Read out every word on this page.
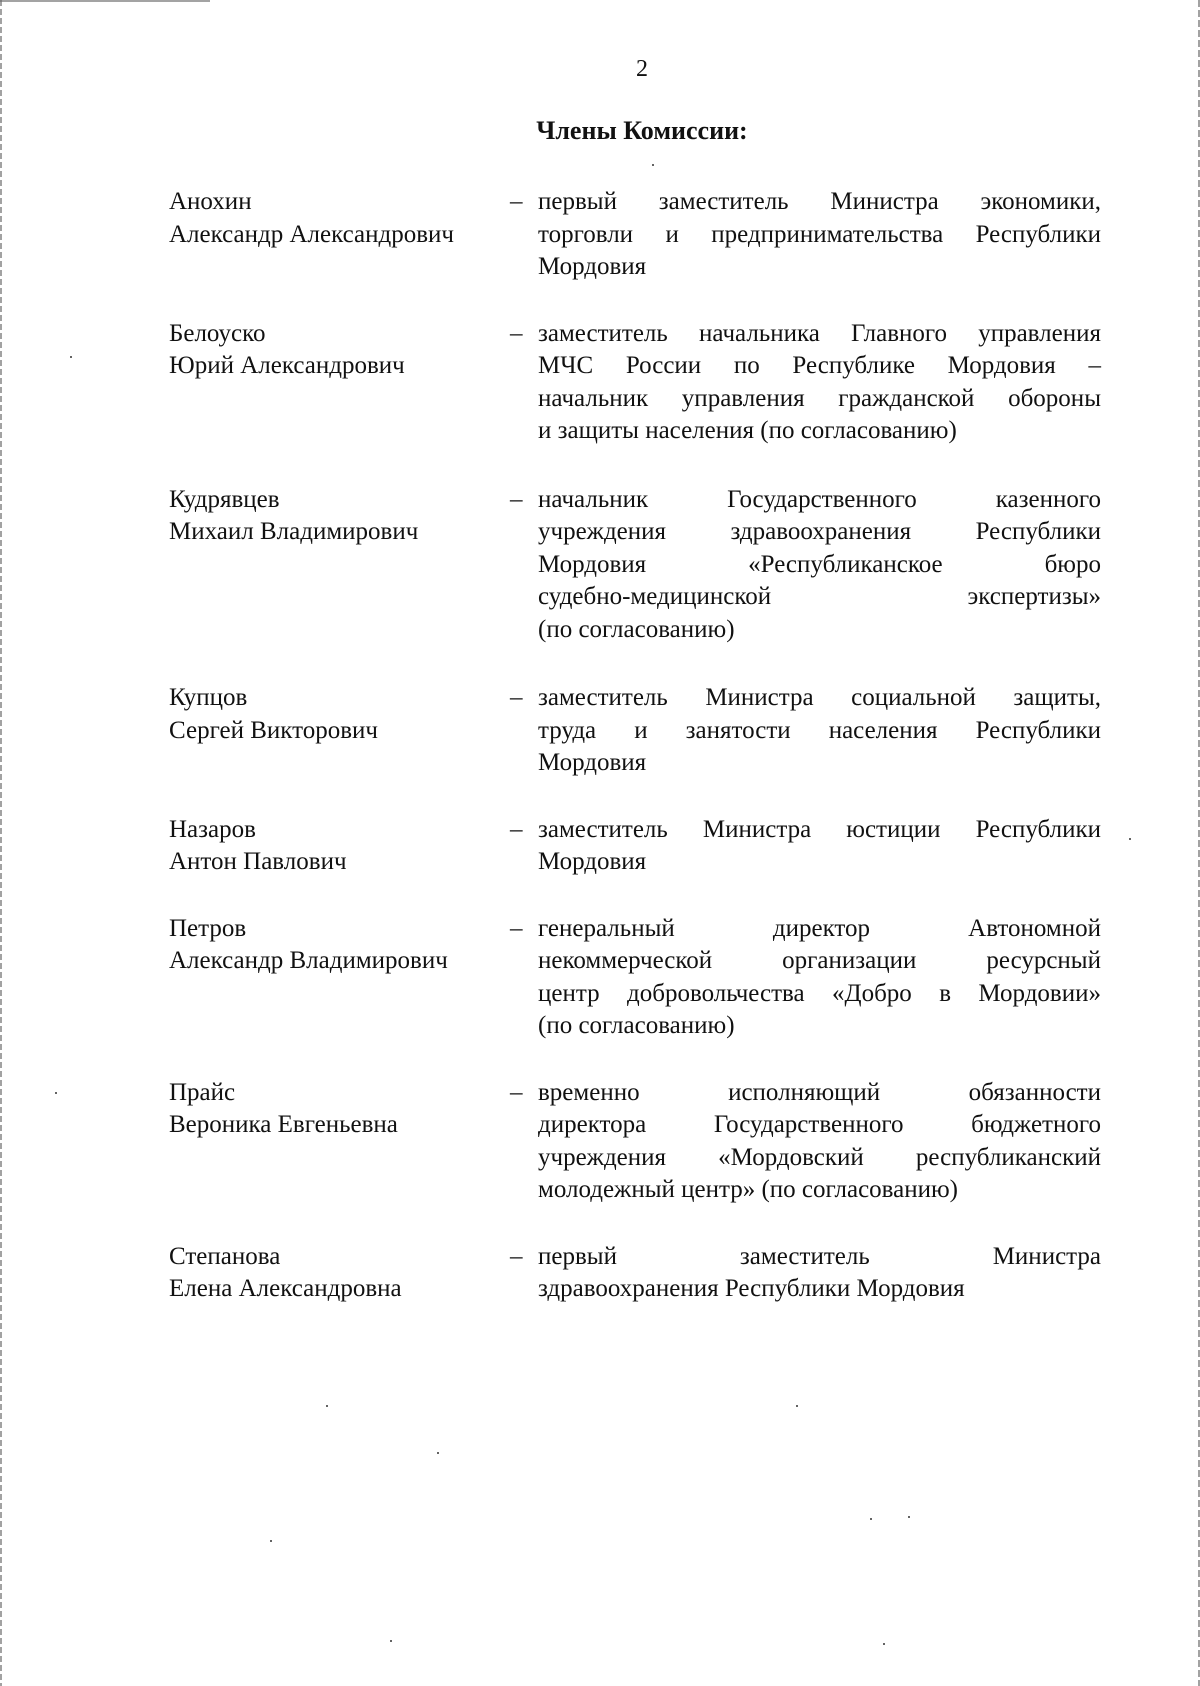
2
Члены Комиссии:
Анохин
Александр Александрович
– первый заместитель Министра экономики,
торговли и предпринимательства Республики
Мордовия
Белоуско
Юрий Александрович
– заместитель начальника Главного управления
МЧС России по Республике Мордовия –
начальник управления гражданской обороны
и защиты населения (по согласованию)
Кудрявцев
Михаил Владимирович
– начальник Государственного казенного
учреждения здравоохранения Республики
Мордовия «Республиканское бюро
судебно-медицинской экспертизы»
(по согласованию)
Купцов
Сергей Викторович
– заместитель Министра социальной защиты,
труда и занятости населения Республики
Мордовия
Назаров
Антон Павлович
– заместитель Министра юстиции Республики
Мордовия
Петров
Александр Владимирович
– генеральный директор Автономной
некоммерческой организации ресурсный
центр добровольчества «Добро в Мордовии»
(по согласованию)
Прайс
Вероника Евгеньевна
– временно исполняющий обязанности
директора Государственного бюджетного
учреждения «Мордовский республиканский
молодежный центр» (по согласованию)
Степанова
Елена Александровна
– первый заместитель Министра
здравоохранения Республики Мордовия
